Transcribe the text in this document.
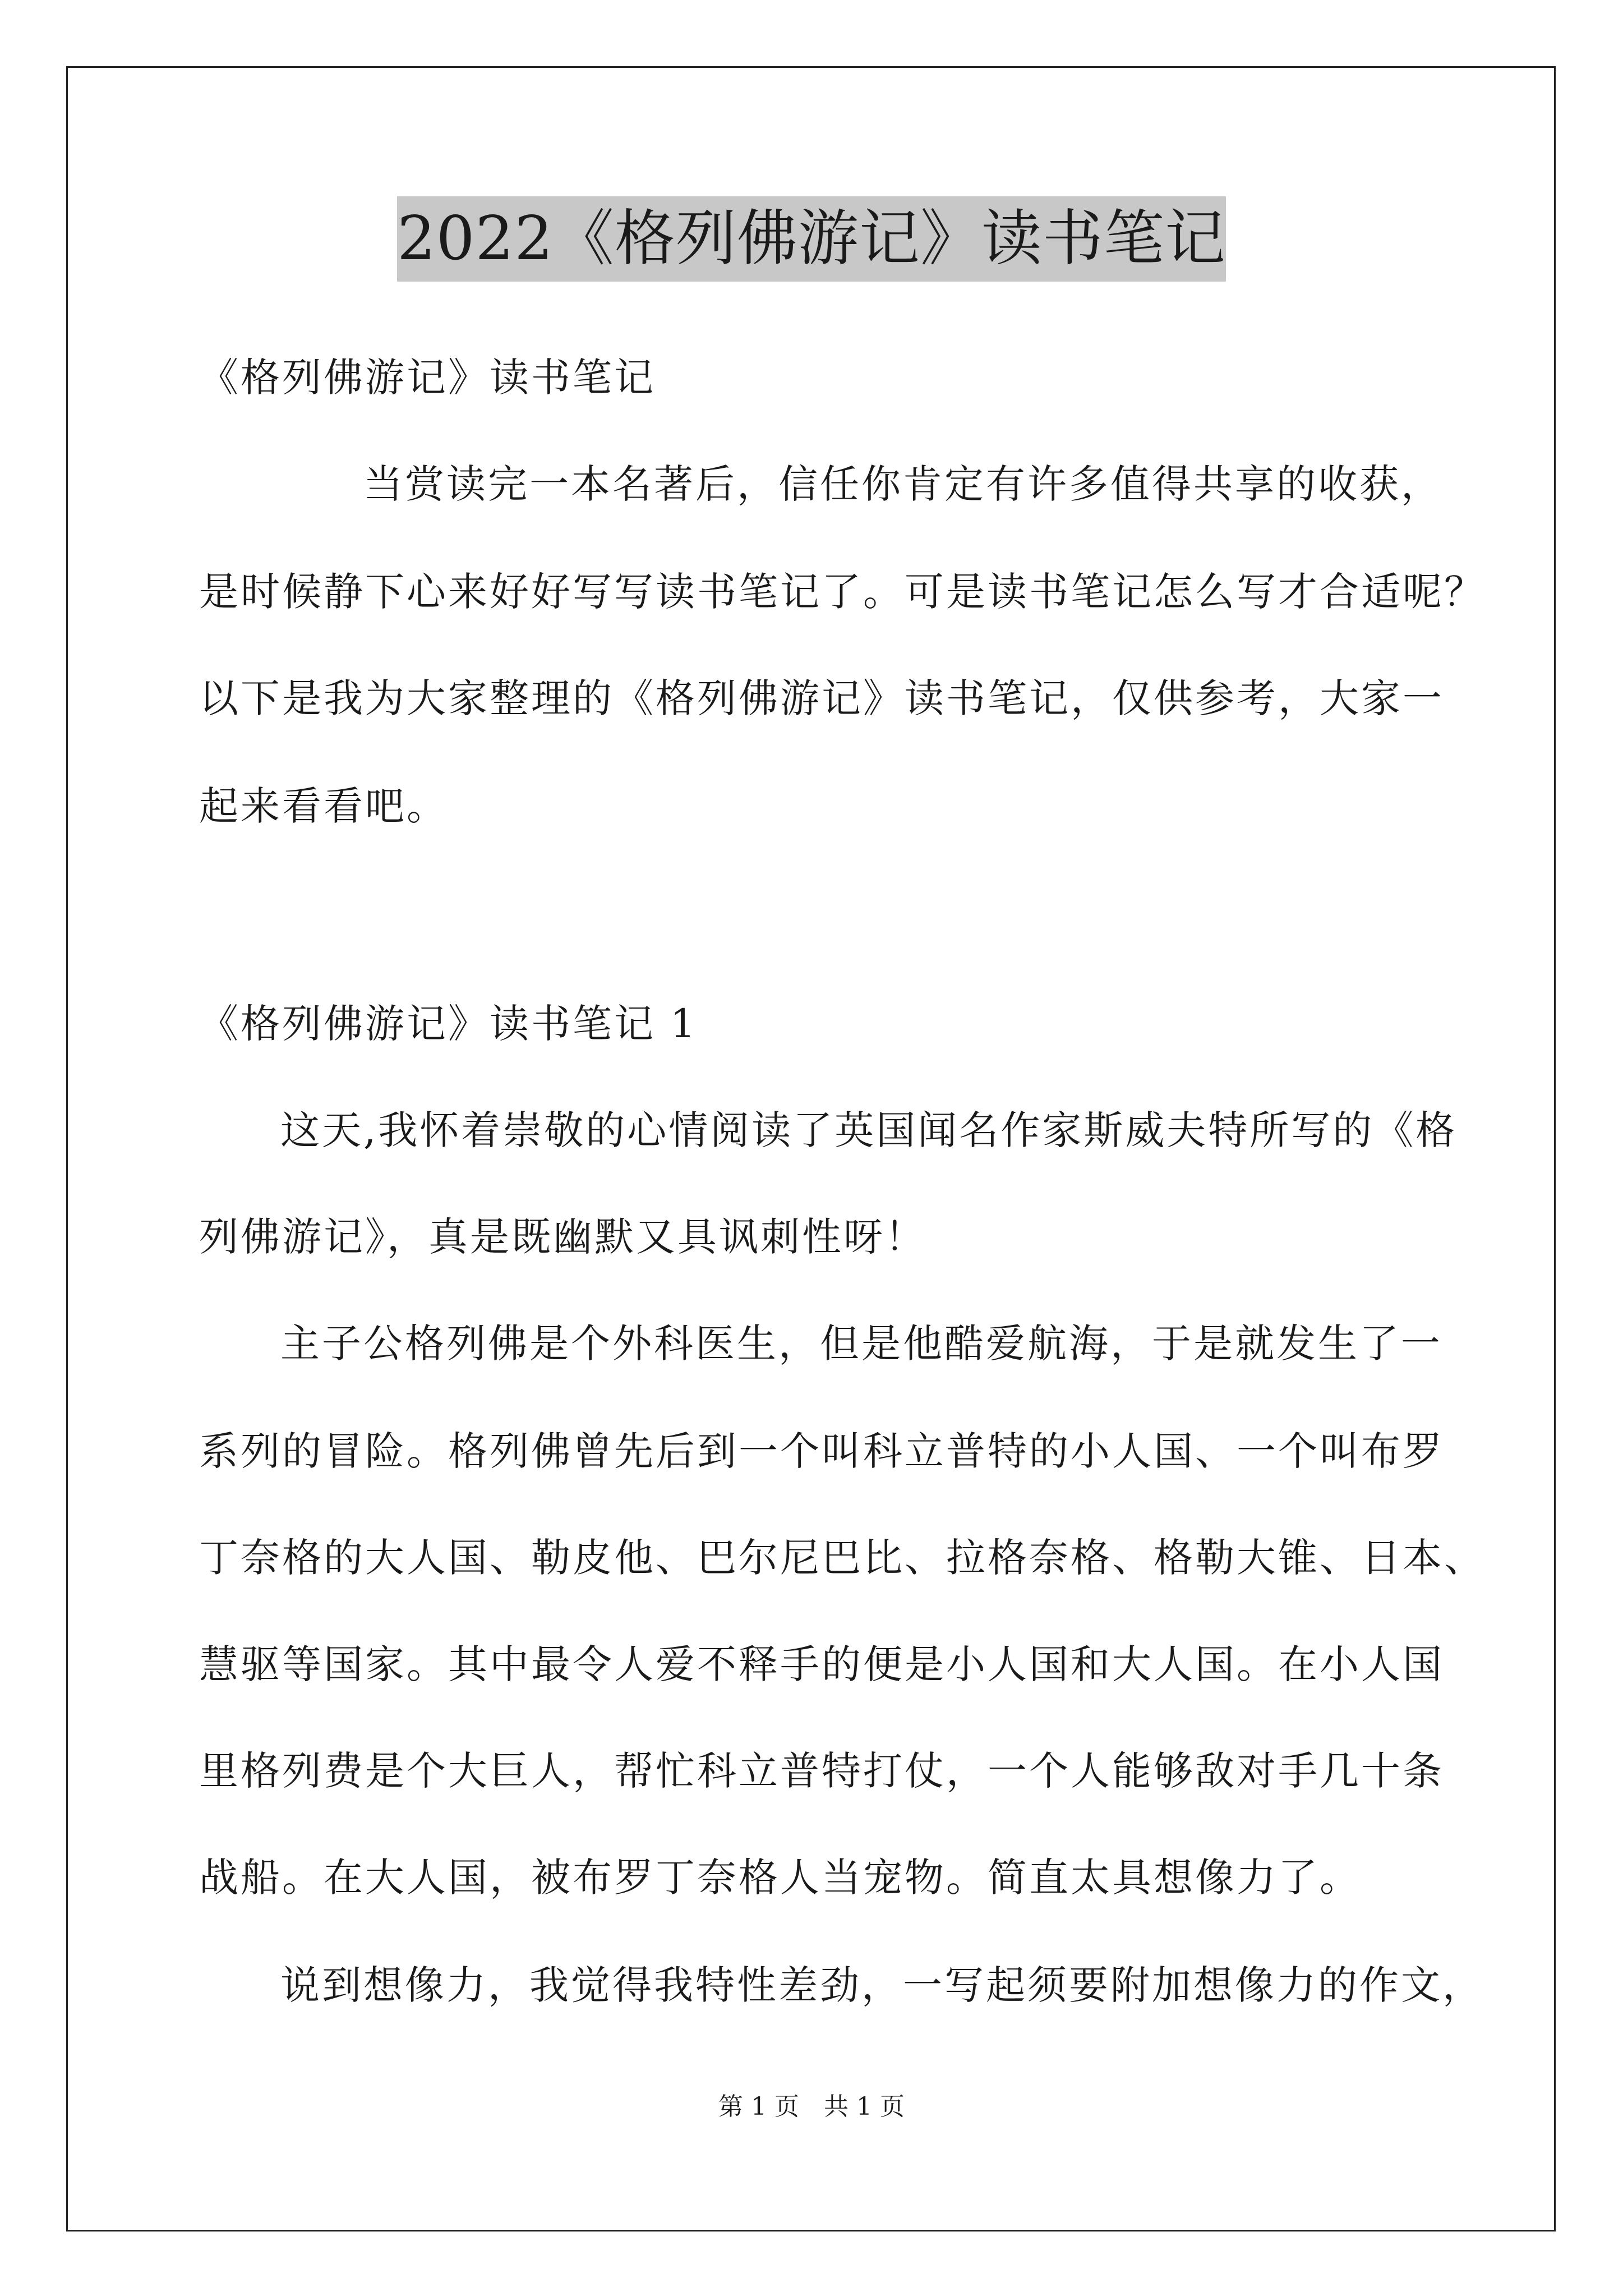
2022《格列佛游记》读书笔记
《格列佛游记》读书笔记
当赏读完一本名著后，信任你肯定有许多值得共享的收获，
是时候静下心来好好写写读书笔记了。可是读书笔记怎么写才合适呢？
以下是我为大家整理的《格列佛游记》读书笔记，仅供参考，大家一
起来看看吧。
《格列佛游记》读书笔记 1
这天,我怀着崇敬的心情阅读了英国闻名作家斯威夫特所写的《格
列佛游记》，真是既幽默又具讽刺性呀！
主子公格列佛是个外科医生，但是他酷爱航海，于是就发生了一
系列的冒险。格列佛曾先后到一个叫科立普特的小人国、一个叫布罗
丁奈格的大人国、勒皮他、巴尔尼巴比、拉格奈格、格勒大锥、日本、
慧驱等国家。其中最令人爱不释手的便是小人国和大人国。在小人国
里格列费是个大巨人，帮忙科立普特打仗，一个人能够敌对手几十条
战船。在大人国，被布罗丁奈格人当宠物。简直太具想像力了。
说到想像力，我觉得我特性差劲，一写起须要附加想像力的作文，
第 1 页　共 1 页
